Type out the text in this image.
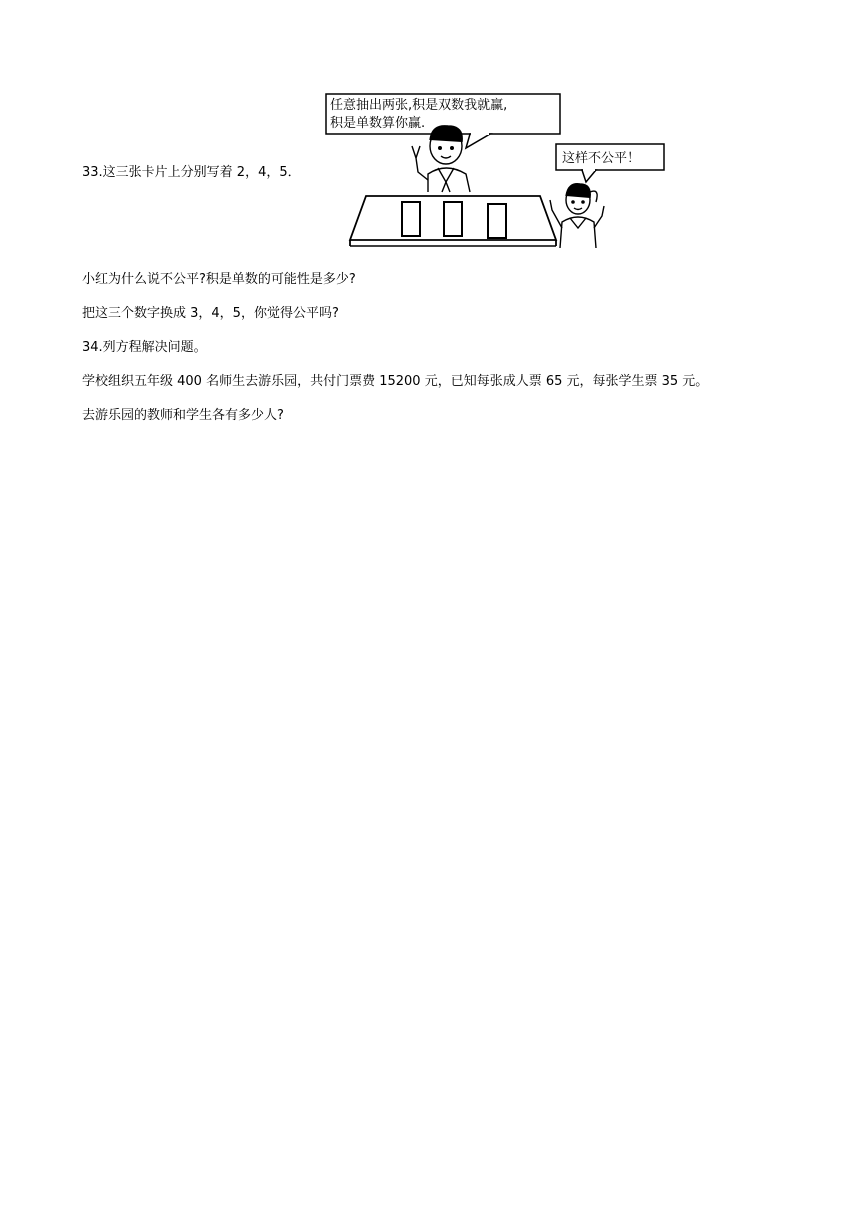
33.这三张卡片上分别写着 2，4，5．
任意抽出两张,积是双数我就赢,
积是单数算你赢.
这样不公平！
小红为什么说不公平?积是单数的可能性是多少?
把这三个数字换成 3，4，5，你觉得公平吗?
34.列方程解决问题。
学校组织五年级 400 名师生去游乐园，共付门票费 15200 元，已知每张成人票 65 元，每张学生票 35 元。
去游乐园的教师和学生各有多少人?
